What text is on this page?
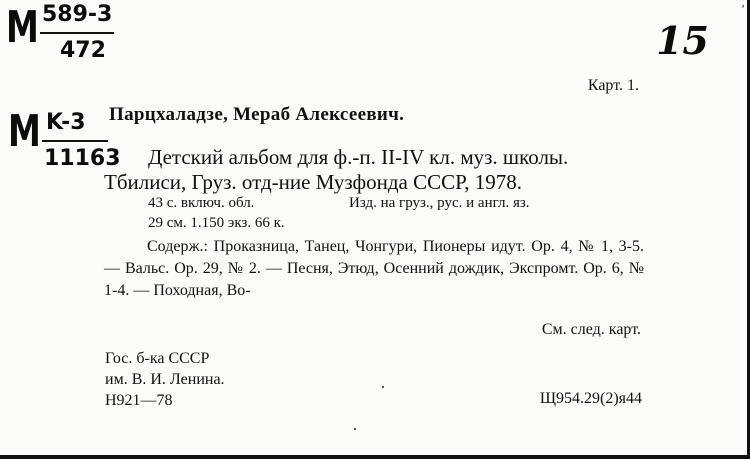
ʼ
M 589-3
472
M K-3
11163
15
Карт. 1.
Парцхаладзе, Мераб Алексеевич.
Детский альбом для ф.-п. II-IV кл. муз. школы.
Тбилиси, Груз. отд-ние Музфонда СССР, 1978.
43 с. включ. обл.	Изд. на груз., рус. и англ. яз.
29 см. 1.150 экз. 66 к.
Содерж.: Проказница, Танец, Чонгури, Пионеры идут. Ор. 4, № 1, 3-5. — Вальс. Ор. 29, № 2. — Песня, Этюд, Осенний дождик, Экспромт. Ор. 6, № 1-4. — Походная, Во-
См. след. карт.
Гос. б-ка СССР
им. В. И. Ленина.
Н921—78	Щ954.29(2)я44
